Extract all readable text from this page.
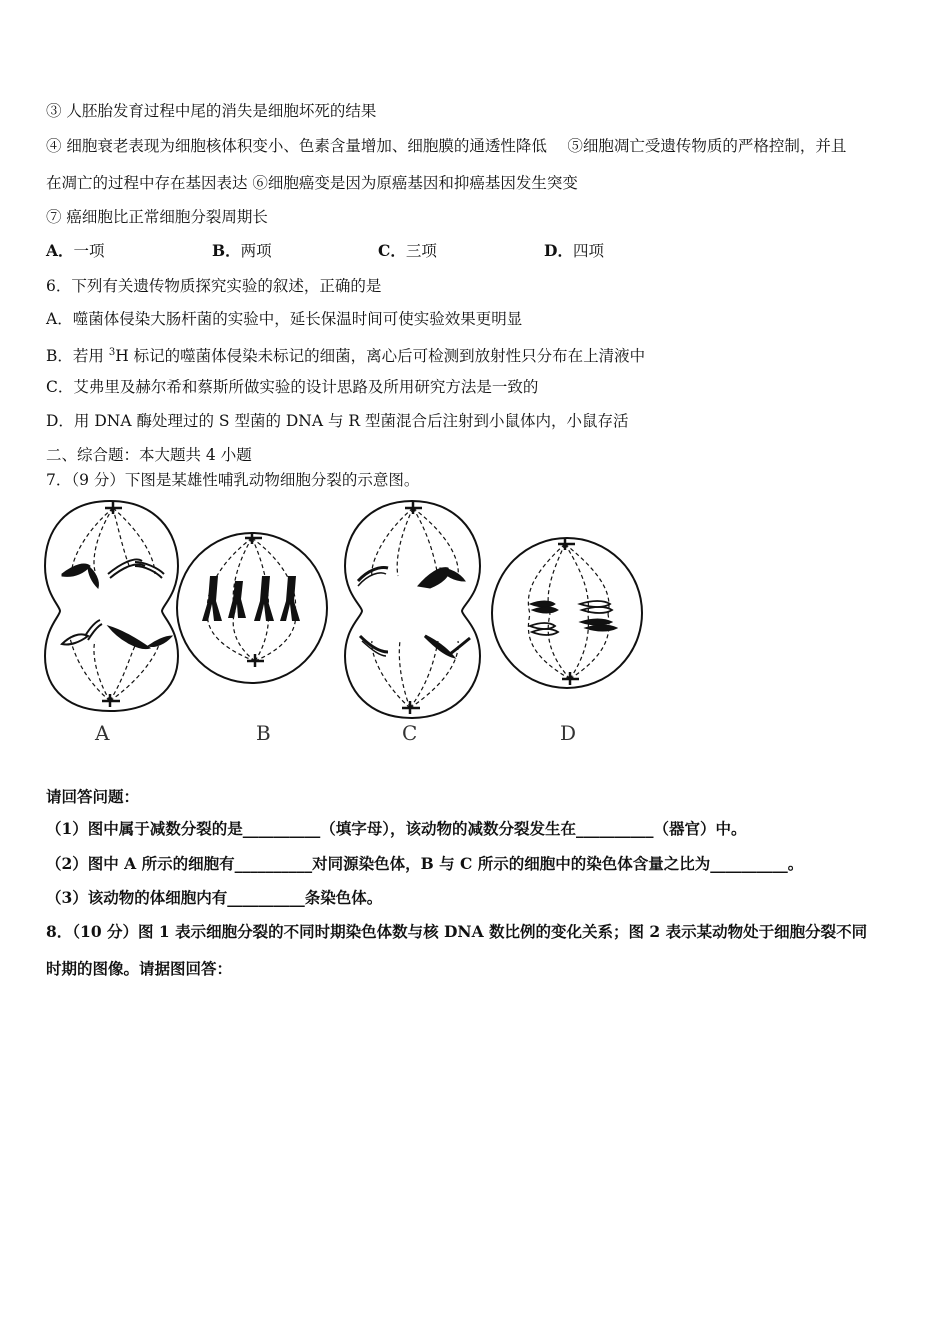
③ 人胚胎发育过程中尾的消失是细胞坏死的结果
④ 细胞衰老表现为细胞核体积变小、色素含量增加、细胞膜的通透性降低　 ⑤细胞凋亡受遗传物质的严格控制，并且
在凋亡的过程中存在基因表达 ⑥细胞癌变是因为原癌基因和抑癌基因发生突变
⑦ 癌细胞比正常细胞分裂周期长
A．一项	B．两项	C．三项	D．四项
6．下列有关遗传物质探究实验的叙述，正确的是
A．噬菌体侵染大肠杆菌的实验中，延长保温时间可使实验效果更明显
B．若用 $^3$H 标记的噬菌体侵染未标记的细菌，离心后可检测到放射性只分布在上清液中
C．艾弗里及赫尔希和蔡斯所做实验的设计思路及所用研究方法是一致的
D．用 DNA 酶处理过的 S 型菌的 DNA 与 R 型菌混合后注射到小鼠体内，小鼠存活
二、综合题：本大题共 4 小题
7．（9 分）下图是某雄性哺乳动物细胞分裂的示意图。
A	B	C	D
请回答问题：
（1）图中属于减数分裂的是__________（填字母），该动物的减数分裂发生在__________（器官）中。
（2）图中 A 所示的细胞有__________对同源染色体，B 与 C 所示的细胞中的染色体含量之比为__________。
（3）该动物的体细胞内有__________条染色体。
8．（10 分）图 1 表示细胞分裂的不同时期染色体数与核 DNA 数比例的变化关系；图 2 表示某动物处于细胞分裂不同
时期的图像。请据图回答：
